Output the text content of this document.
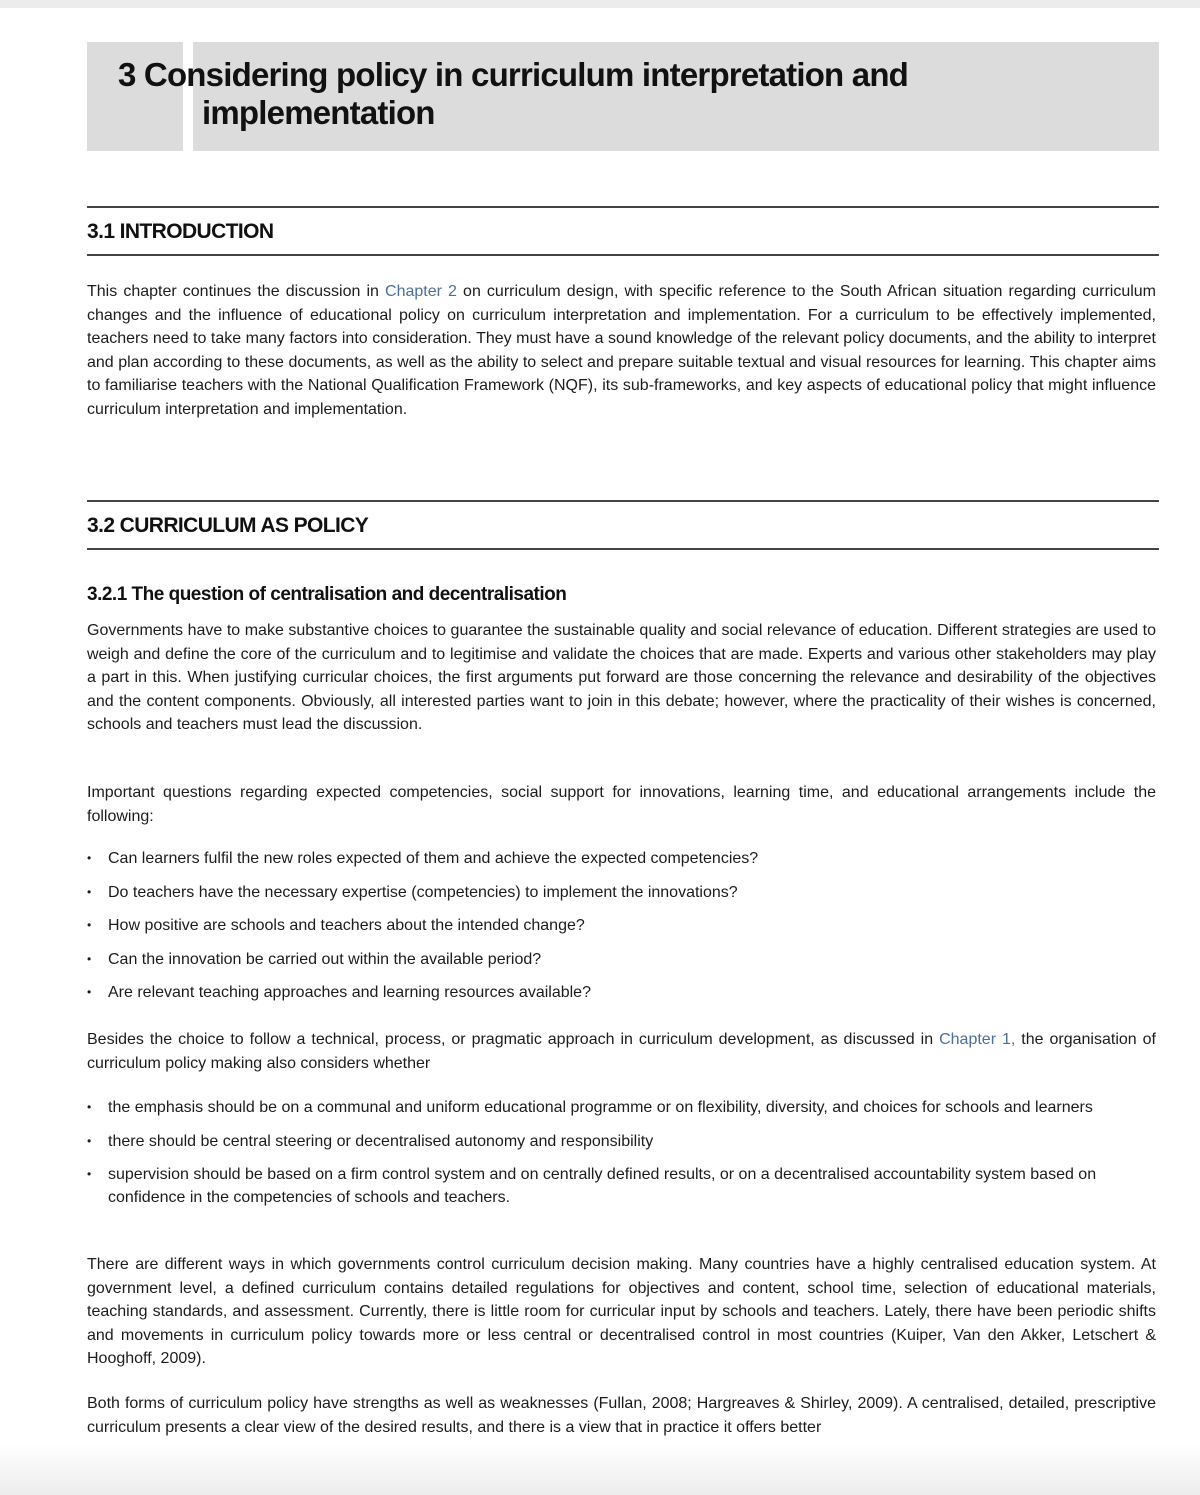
3 Considering policy in curriculum interpretation and
implementation
3.1 INTRODUCTION

This chapter continues the discussion in Chapter 2 on curriculum design, with specific reference to the South African situation regarding curriculum changes and the influence of educational policy on curriculum interpretation and implementation. For a curriculum to be effectively implemented, teachers need to take many factors into consideration. They must have a sound knowledge of the relevant policy documents, and the ability to interpret and plan according to these documents, as well as the ability to select and prepare suitable textual and visual resources for learning. This chapter aims to familiarise teachers with the National Qualification Framework (NQF), its sub-frameworks, and key aspects of educational policy that might influence curriculum interpretation and implementation.

3.2 CURRICULUM AS POLICY
3.2.1 The question of centralisation and decentralisation

Governments have to make substantive choices to guarantee the sustainable quality and social relevance of education. Different strategies are used to weigh and define the core of the curriculum and to legitimise and validate the choices that are made. Experts and various other stakeholders may play a part in this. When justifying curricular choices, the first arguments put forward are those concerning the relevance and desirability of the objectives and the content components. Obviously, all interested parties want to join in this debate; however, where the practicality of their wishes is concerned, schools and teachers must lead the discussion.

Important questions regarding expected competencies, social support for innovations, learning time, and educational arrangements include the following:

• Can learners fulfil the new roles expected of them and achieve the expected competencies?
• Do teachers have the necessary expertise (competencies) to implement the innovations?
• How positive are schools and teachers about the intended change?
• Can the innovation be carried out within the available period?
• Are relevant teaching approaches and learning resources available?

Besides the choice to follow a technical, process, or pragmatic approach in curriculum development, as discussed in Chapter 1, the organisation of curriculum policy making also considers whether

• the emphasis should be on a communal and uniform educational programme or on flexibility, diversity, and choices for schools and learners
• there should be central steering or decentralised autonomy and responsibility
• supervision should be based on a firm control system and on centrally defined results, or on a decentralised accountability system based on confidence in the competencies of schools and teachers.

There are different ways in which governments control curriculum decision making. Many countries have a highly centralised education system. At government level, a defined curriculum contains detailed regulations for objectives and content, school time, selection of educational materials, teaching standards, and assessment. Currently, there is little room for curricular input by schools and teachers. Lately, there have been periodic shifts and movements in curriculum policy towards more or less central or decentralised control in most countries (Kuiper, Van den Akker, Letschert & Hooghoff, 2009).

Both forms of curriculum policy have strengths as well as weaknesses (Fullan, 2008; Hargreaves & Shirley, 2009). A centralised, detailed, prescriptive curriculum presents a clear view of the desired results, and there is a view that in practice it offers better
